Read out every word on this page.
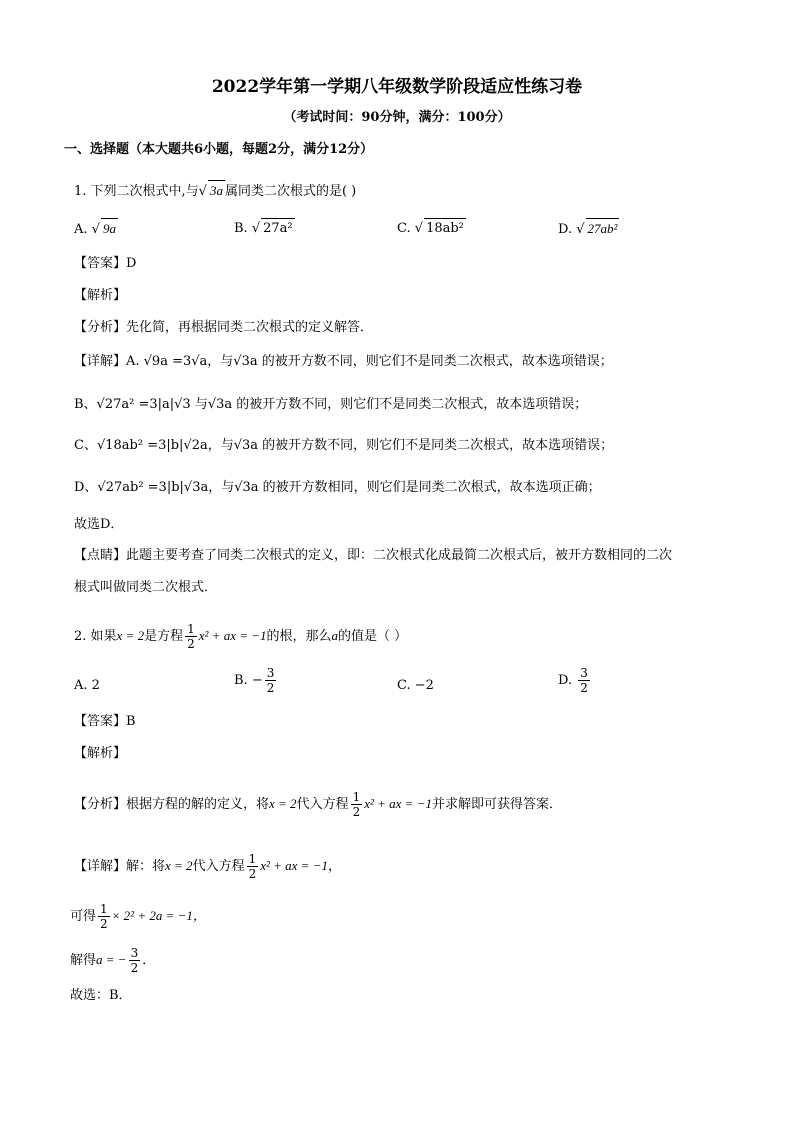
2022学年第一学期八年级数学阶段适应性练习卷
（考试时间：90分钟，满分：100分）
一、选择题（本大题共6小题，每题2分，满分12分）
1. 下列二次根式中,与√ 3a 属同类二次根式的是( )
A. √ 9a	B. √ 27a²	C. √ 18ab²	D. √ 27ab²
【答案】D
【解析】
【分析】先化简，再根据同类二次根式的定义解答．
【详解】A. √9a =3√a，与√3a 的被开方数不同，则它们不是同类二次根式，故本选项错误；
B、√27a² =3|a|√3 与√3a 的被开方数不同，则它们不是同类二次根式，故本选项错误；
C、√18ab² =3|b|√2a，与√3a 的被开方数不同，则它们不是同类二次根式，故本选项错误；
D、√27ab² =3|b|√3a，与√3a 的被开方数相同，则它们是同类二次根式，故本选项正确；
故选D．
【点睛】此题主要考查了同类二次根式的定义，即：二次根式化成最简二次根式后，被开方数相同的二次
根式叫做同类二次根式．
2. 如果x = 2是方程 $\frac{1}{2} x^2$ + ax = −1的根，那么a的值是（ ）
A. 2	B. − $\frac{3}{2}$	C. −2	D. $\frac{3}{2}$
【答案】B
【解析】
【分析】根据方程的解的定义，将x = 2代入方程 $\frac{1}{2} x^2$ + ax = −1并求解即可获得答案．
【详解】解：将x = 2代入方程 $\frac{1}{2} x^2$ + ax = −1，
可得 $\frac{1}{2} \times 2^2 + 2a = -1$，
解得a = − $\frac{3}{2}$ ．
故选：B．
